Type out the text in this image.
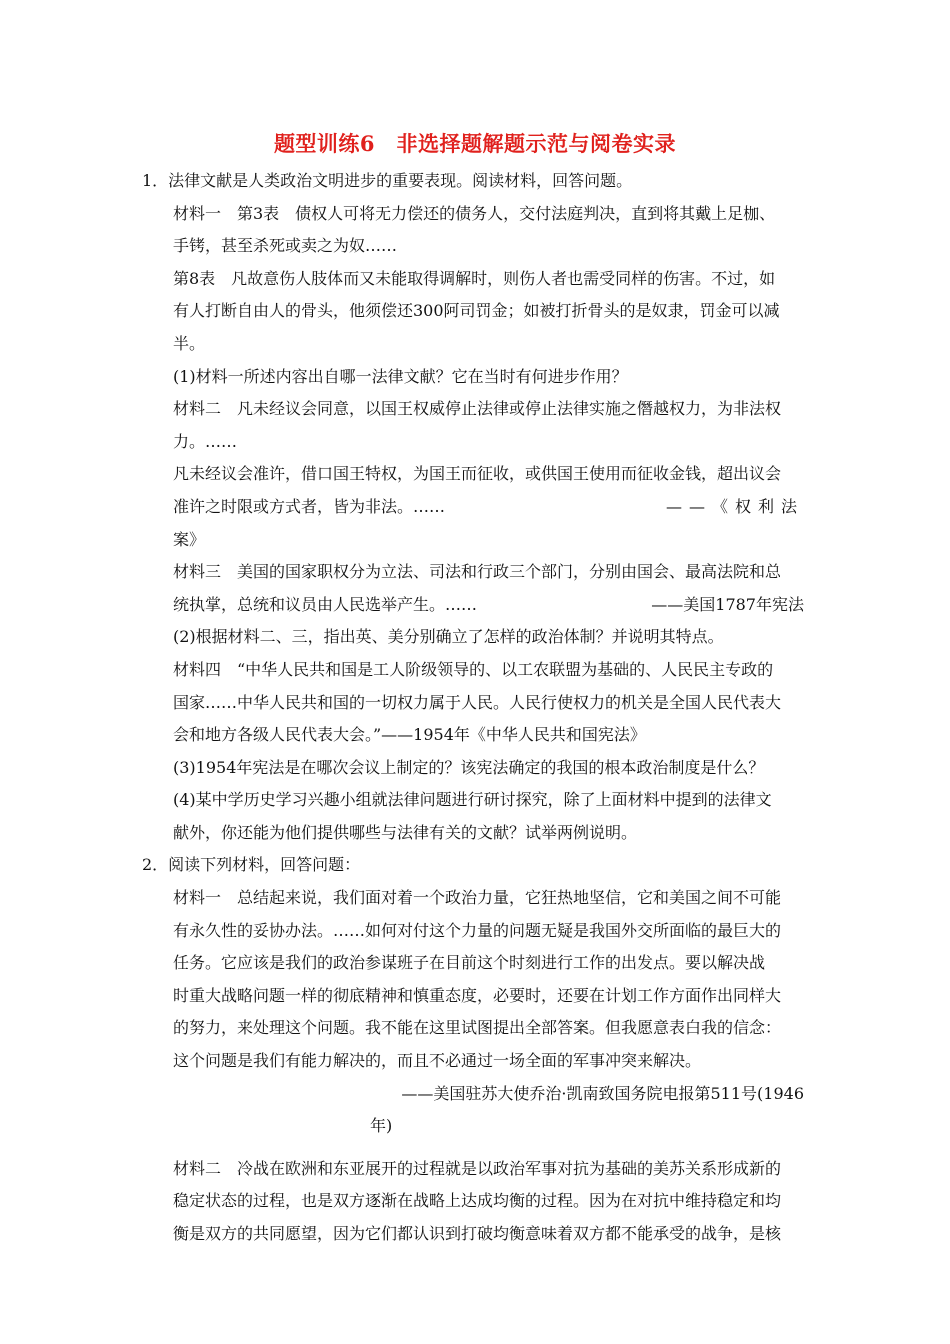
题型训练6　非选择题解题示范与阅卷实录
1．法律文献是人类政治文明进步的重要表现。阅读材料，回答问题。
材料一　第3表　债权人可将无力偿还的债务人，交付法庭判决，直到将其戴上足枷、
手铐，甚至杀死或卖之为奴……
第8表　凡故意伤人肢体而又未能取得调解时，则伤人者也需受同样的伤害。不过，如
有人打断自由人的骨头，他须偿还300阿司罚金；如被打折骨头的是奴隶，罚金可以减
半。
(1)材料一所述内容出自哪一法律文献？它在当时有何进步作用？
材料二　凡未经议会同意，以国王权威停止法律或停止法律实施之僭越权力，为非法权
力。……
凡未经议会准许，借口国王特权，为国王而征收，或供国王使用而征收金钱，超出议会
准许之时限或方式者，皆为非法。……	——《权利法
案》
材料三　美国的国家职权分为立法、司法和行政三个部门，分别由国会、最高法院和总
统执掌，总统和议员由人民选举产生。……	——美国1787年宪法
(2)根据材料二、三，指出英、美分别确立了怎样的政治体制？并说明其特点。
材料四　“中华人民共和国是工人阶级领导的、以工农联盟为基础的、人民民主专政的
国家……中华人民共和国的一切权力属于人民。人民行使权力的机关是全国人民代表大
会和地方各级人民代表大会。”——1954年《中华人民共和国宪法》
(3)1954年宪法是在哪次会议上制定的？该宪法确定的我国的根本政治制度是什么？
(4)某中学历史学习兴趣小组就法律问题进行研讨探究，除了上面材料中提到的法律文
献外，你还能为他们提供哪些与法律有关的文献？试举两例说明。
2．阅读下列材料，回答问题：
材料一　总结起来说，我们面对着一个政治力量，它狂热地坚信，它和美国之间不可能
有永久性的妥协办法。……如何对付这个力量的问题无疑是我国外交所面临的最巨大的
任务。它应该是我们的政治参谋班子在目前这个时刻进行工作的出发点。要以解决战
时重大战略问题一样的彻底精神和慎重态度，必要时，还要在计划工作方面作出同样大
的努力，来处理这个问题。我不能在这里试图提出全部答案。但我愿意表白我的信念：
这个问题是我们有能力解决的，而且不必通过一场全面的军事冲突来解决。
——美国驻苏大使乔治·凯南致国务院电报第511号(1946
年)
材料二　冷战在欧洲和东亚展开的过程就是以政治军事对抗为基础的美苏关系形成新的
稳定状态的过程，也是双方逐渐在战略上达成均衡的过程。因为在对抗中维持稳定和均
衡是双方的共同愿望，因为它们都认识到打破均衡意味着双方都不能承受的战争，是核
